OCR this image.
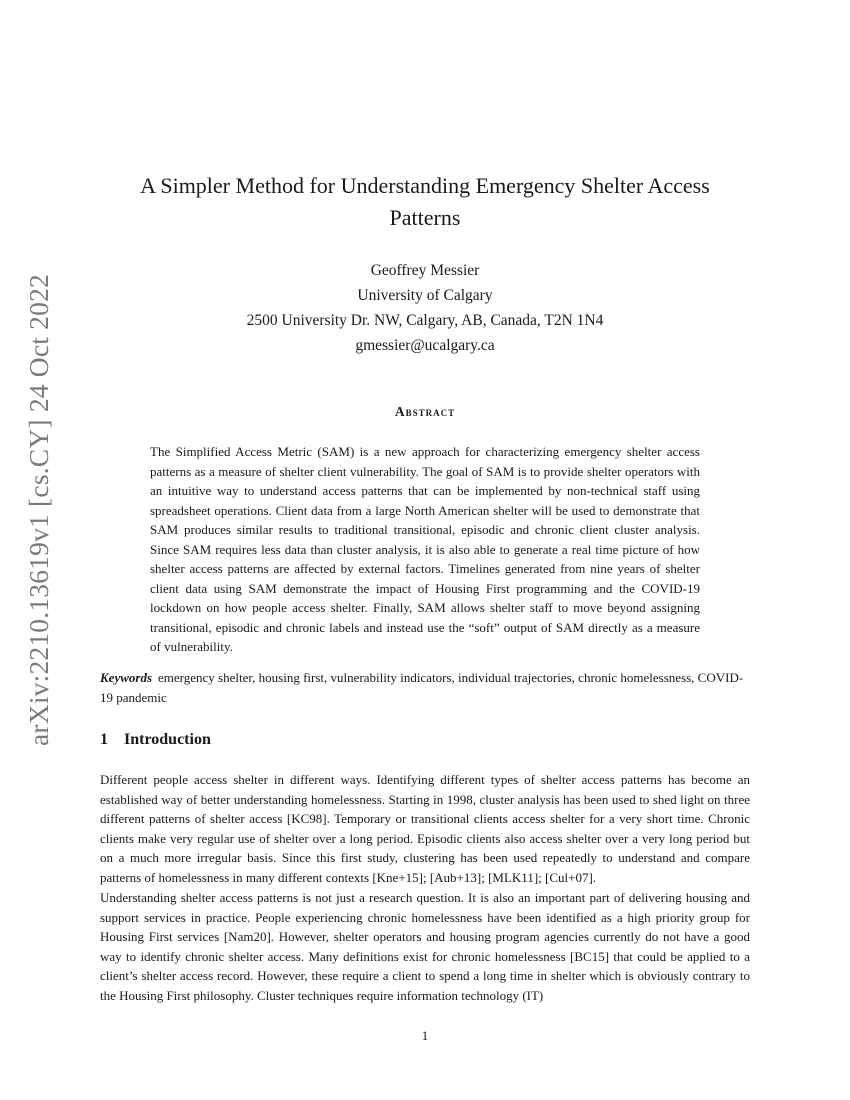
arXiv:2210.13619v1 [cs.CY] 24 Oct 2022
A Simpler Method for Understanding Emergency Shelter Access
Patterns
Geoffrey Messier
University of Calgary
2500 University Dr. NW, Calgary, AB, Canada, T2N 1N4
gmessier@ucalgary.ca
Abstract

The Simplified Access Metric (SAM) is a new approach for characterizing emergency shelter access patterns as a measure of shelter client vulnerability. The goal of SAM is to provide shelter operators with an intuitive way to understand access patterns that can be implemented by non-technical staff using spreadsheet operations. Client data from a large North American shelter will be used to demonstrate that SAM produces similar results to traditional transitional, episodic and chronic client cluster analysis. Since SAM requires less data than cluster analysis, it is also able to generate a real time picture of how shelter access patterns are affected by external factors. Timelines generated from nine years of shelter client data using SAM demonstrate the impact of Housing First programming and the COVID-19 lockdown on how people access shelter. Finally, SAM allows shelter staff to move beyond assigning transitional, episodic and chronic labels and instead use the “soft” output of SAM directly as a measure of vulnerability.

Keywords emergency shelter, housing first, vulnerability indicators, individual trajectories, chronic homelessness, COVID-19 pandemic

1 Introduction

Different people access shelter in different ways. Identifying different types of shelter access patterns has become an established way of better understanding homelessness. Starting in 1998, cluster analysis has been used to shed light on three different patterns of shelter access [KC98]. Temporary or transitional clients access shelter for a very short time. Chronic clients make very regular use of shelter over a long period. Episodic clients also access shelter over a very long period but on a much more irregular basis. Since this first study, clustering has been used repeatedly to understand and compare patterns of homelessness in many different contexts [Kne+15]; [Aub+13]; [MLK11]; [Cul+07].

Understanding shelter access patterns is not just a research question. It is also an important part of delivering housing and support services in practice. People experiencing chronic homelessness have been identified as a high priority group for Housing First services [Nam20]. However, shelter operators and housing program agencies currently do not have a good way to identify chronic shelter access. Many definitions exist for chronic homelessness [BC15] that could be applied to a client’s shelter access record. However, these require a client to spend a long time in shelter which is obviously contrary to the Housing First philosophy. Cluster techniques require information technology (IT)

1
